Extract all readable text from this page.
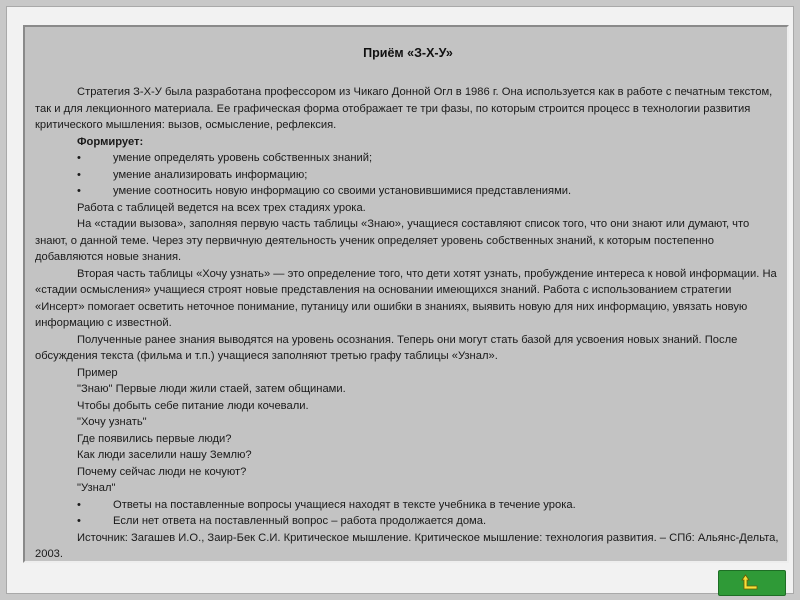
Приём «З-Х-У»

Стратегия З-Х-У была разработана профессором из Чикаго Донной Огл в 1986 г. Она используется как в работе с печатным текстом, так и для лекционного материала. Ее графическая форма отображает те три фазы, по которым строится процесс в технологии развития критического мышления: вызов, осмысление, рефлексия.

Формирует:

•	умение определять уровень собственных знаний;

•	умение анализировать информацию;

•	умение соотносить новую информацию со своими установившимися представлениями.

Работа с таблицей ведется на всех трех стадиях урока.

На «стадии вызова», заполняя первую часть таблицы «Знаю», учащиеся составляют список того, что они знают или думают, что знают, о данной теме. Через эту первичную деятельность ученик определяет уровень собственных знаний, к которым постепенно добавляются новые знания.

Вторая часть таблицы «Хочу узнать» — это определение того, что дети хотят узнать, пробуждение интереса к новой информации. На «стадии осмысления» учащиеся строят новые представления на основании имеющихся знаний. Работа с использованием стратегии «Инсерт» помогает осветить неточное понимание, путаницу или ошибки в знаниях, выявить новую для них информацию, увязать новую информацию с известной.

Полученные ранее знания выводятся на уровень осознания. Теперь они могут стать базой для усвоения новых знаний. После обсуждения текста (фильма и т.п.) учащиеся заполняют третью графу таблицы «Узнал».

Пример

"Знаю" Первые люди жили стаей, затем общинами.

Чтобы добыть себе питание люди кочевали.

"Хочу узнать"

Где появились первые люди?

Как люди заселили нашу Землю?

Почему сейчас люди не кочуют?

"Узнал"

•	Ответы на поставленные вопросы учащиеся находят в тексте учебника в течение урока.

•	Если нет ответа на поставленный вопрос – работа продолжается дома.

Источник: Загашев И.О., Заир-Бек С.И. Критическое мышление. Критическое мышление: технология развития. – СПб: Альянс-Дельта, 2003.
